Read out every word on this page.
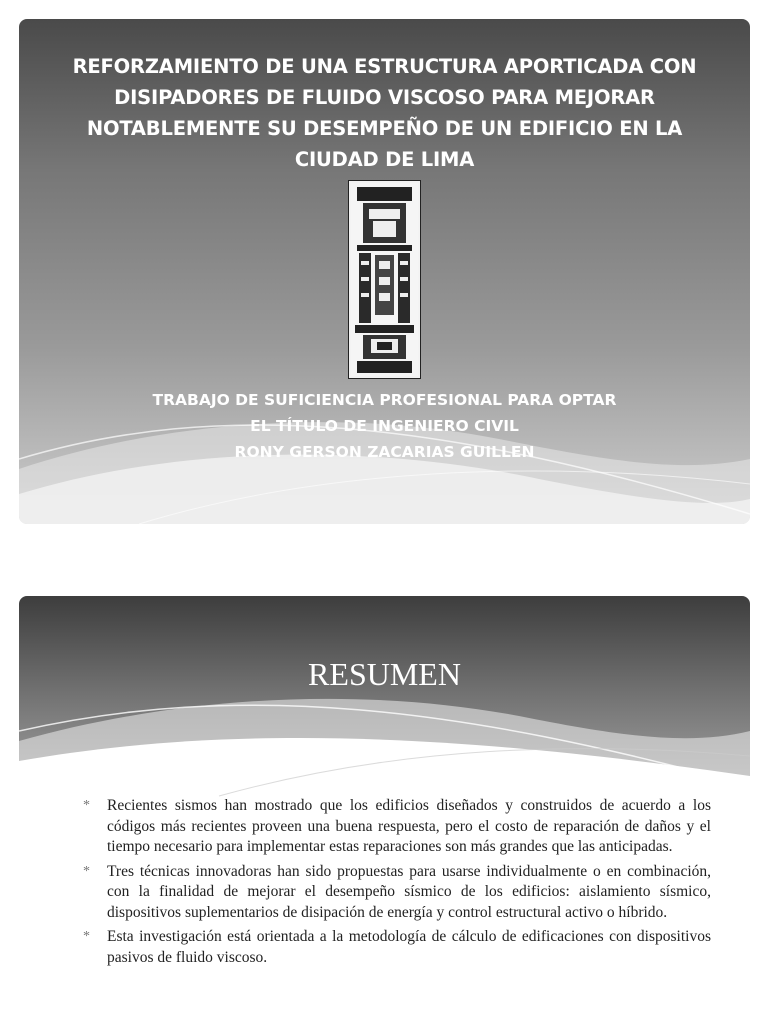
REFORZAMIENTO DE UNA ESTRUCTURA APORTICADA CON
DISIPADORES DE FLUIDO VISCOSO PARA MEJORAR
NOTABLEMENTE SU DESEMPEÑO DE UN EDIFICIO EN LA
CIUDAD DE LIMA
TRABAJO DE SUFICIENCIA PROFESIONAL PARA OPTAR
EL TÍTULO DE INGENIERO CIVIL
RONY GERSON ZACARIAS GUILLEN
RESUMEN
* Recientes sismos han mostrado que los edificios diseñados y construidos de acuerdo a los códigos más recientes proveen una buena respuesta, pero el costo de reparación de daños y el tiempo necesario para implementar estas reparaciones son más grandes que las anticipadas.
* Tres técnicas innovadoras han sido propuestas para usarse individualmente o en combinación, con la finalidad de mejorar el desempeño sísmico de los edificios: aislamiento sísmico, dispositivos suplementarios de disipación de energía y control estructural activo o híbrido.
* Esta investigación está orientada a la metodología de cálculo de edificaciones con dispositivos pasivos de fluido viscoso.
